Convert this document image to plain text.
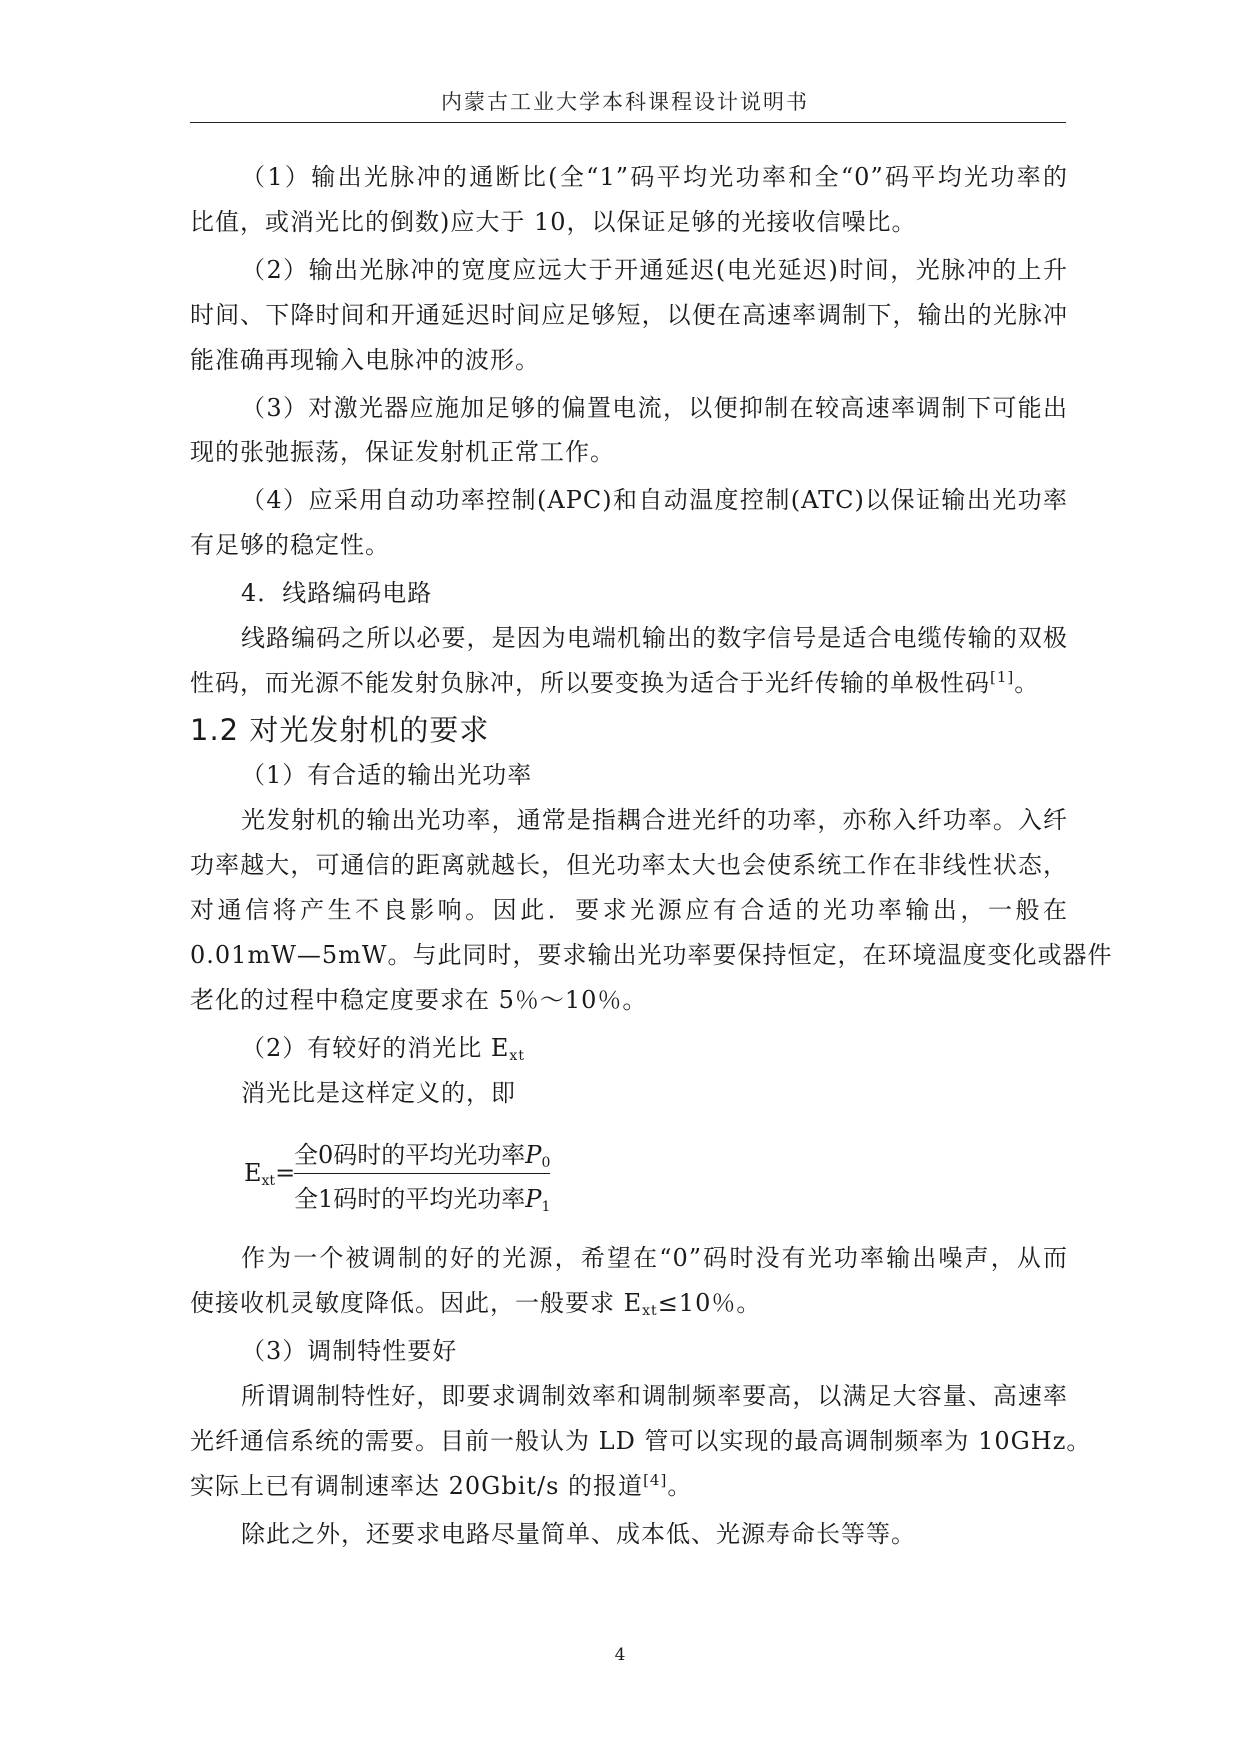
内蒙古工业大学本科课程设计说明书
（1）输出光脉冲的通断比(全“1”码平均光功率和全“0”码平均光功率的
比值，或消光比的倒数)应大于 10，以保证足够的光接收信噪比。
（2）输出光脉冲的宽度应远大于开通延迟(电光延迟)时间，光脉冲的上升
时间、下降时间和开通延迟时间应足够短，以便在高速率调制下，输出的光脉冲
能准确再现输入电脉冲的波形。
（3）对激光器应施加足够的偏置电流，以便抑制在较高速率调制下可能出
现的张弛振荡，保证发射机正常工作。
（4）应采用自动功率控制(APC)和自动温度控制(ATC)以保证输出光功率
有足够的稳定性。
4．线路编码电路
线路编码之所以必要，是因为电端机输出的数字信号是适合电缆传输的双极
性码，而光源不能发射负脉冲，所以要变换为适合于光纤传输的单极性码[1]。
1.2 对光发射机的要求
（1）有合适的输出光功率
光发射机的输出光功率，通常是指耦合进光纤的功率，亦称入纤功率。入纤
功率越大，可通信的距离就越长，但光功率太大也会使系统工作在非线性状态，
对通信将产生不良影响。因此．要求光源应有合适的光功率输出，一般在
0.01mW—5mW。与此同时，要求输出光功率要保持恒定，在环境温度变化或器件
老化的过程中稳定度要求在 5％～10％。
（2）有较好的消光比 $E_{xt}$
消光比是这样定义的，即
$E_{xt}=$
全0码时的平均光功率$P_0$
全1码时的平均光功率$P_1$
作为一个被调制的好的光源，希望在“0”码时没有光功率输出噪声，从而
使接收机灵敏度降低。因此，一般要求 $E_{xt}\le 10$％。
（3）调制特性要好
所谓调制特性好，即要求调制效率和调制频率要高，以满足大容量、高速率
光纤通信系统的需要。目前一般认为 LD 管可以实现的最高调制频率为 10GHz。
实际上已有调制速率达 20Gbit/s 的报道[4]。
除此之外，还要求电路尽量简单、成本低、光源寿命长等等。
4
